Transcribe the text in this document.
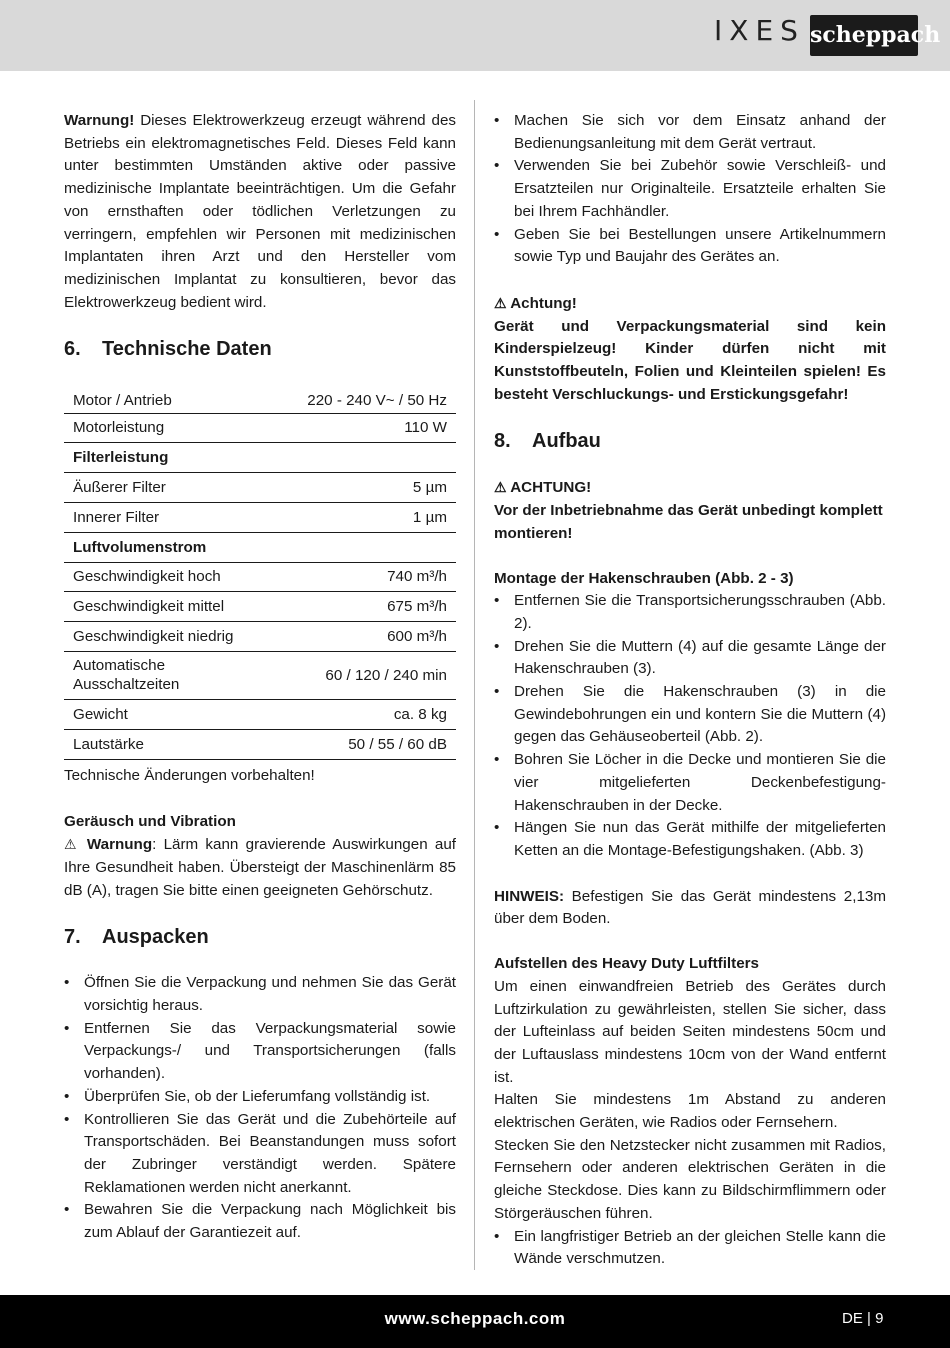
IXES scheppach

Warnung! Dieses Elektrowerkzeug erzeugt während des Betriebs ein elektromagnetisches Feld. Dieses Feld kann unter bestimmten Umständen aktive oder passive medizinische Implantate beeinträchtigen. Um die Gefahr von ernsthaften oder tödlichen Verletzungen zu verringern, empfehlen wir Personen mit medizinischen Implantaten ihren Arzt und den Hersteller vom medizinischen Implantat zu konsultieren, bevor das Elektrowerkzeug bedient wird.

6. Technische Daten
Motor / Antrieb	220 - 240 V~ / 50 Hz
Motorleistung	110 W
Filterleistung	
Äußerer Filter	5 µm
Innerer Filter	1 µm
Luftvolumenstrom	
Geschwindigkeit hoch	740 m³/h
Geschwindigkeit mittel	675 m³/h
Geschwindigkeit niedrig	600 m³/h
Automatische Ausschaltzeiten	60 / 120 / 240 min
Gewicht	ca. 8 kg
Lautstärke	50 / 55 / 60 dB

Technische Änderungen vorbehalten!

Geräusch und Vibration

⚠ Warnung: Lärm kann gravierende Auswirkungen auf Ihre Gesundheit haben. Übersteigt der Maschinenlärm 85 dB (A), tragen Sie bitte einen geeigneten Gehörschutz.

7. Auspacken
• Öffnen Sie die Verpackung und nehmen Sie das Gerät vorsichtig heraus.
• Entfernen Sie das Verpackungsmaterial sowie Verpackungs-/ und Transportsicherungen (falls vorhanden).
• Überprüfen Sie, ob der Lieferumfang vollständig ist.
• Kontrollieren Sie das Gerät und die Zubehörteile auf Transportschäden. Bei Beanstandungen muss sofort der Zubringer verständigt werden. Spätere Reklamationen werden nicht anerkannt.
• Bewahren Sie die Verpackung nach Möglichkeit bis zum Ablauf der Garantiezeit auf.
• Machen Sie sich vor dem Einsatz anhand der Bedienungsanleitung mit dem Gerät vertraut.
• Verwenden Sie bei Zubehör sowie Verschleiß- und Ersatzteilen nur Originalteile. Ersatzteile erhalten Sie bei Ihrem Fachhändler.
• Geben Sie bei Bestellungen unsere Artikelnummern sowie Typ und Baujahr des Gerätes an.

⚠ Achtung!

Gerät und Verpackungsmaterial sind kein Kinderspielzeug! Kinder dürfen nicht mit Kunststoffbeuteln, Folien und Kleinteilen spielen! Es besteht Verschluckungs- und Erstickungsgefahr!

8. Aufbau

⚠ ACHTUNG!

Vor der Inbetriebnahme das Gerät unbedingt komplett montieren!

Montage der Hakenschrauben (Abb. 2 - 3)

• Entfernen Sie die Transportsicherungsschrauben (Abb. 2).
• Drehen Sie die Muttern (4) auf die gesamte Länge der Hakenschrauben (3).
• Drehen Sie die Hakenschrauben (3) in die Gewindebohrungen ein und kontern Sie die Muttern (4) gegen das Gehäuseoberteil (Abb. 2).
• Bohren Sie Löcher in die Decke und montieren Sie die vier mitgelieferten Deckenbefestigung-Hakenschrauben in der Decke.
• Hängen Sie nun das Gerät mithilfe der mitgelieferten Ketten an die Montage-Befestigungshaken. (Abb. 3)

HINWEIS: Befestigen Sie das Gerät mindestens 2,13m über dem Boden.

Aufstellen des Heavy Duty Luftfilters

Um einen einwandfreien Betrieb des Gerätes durch Luftzirkulation zu gewährleisten, stellen Sie sicher, dass der Lufteinlass auf beiden Seiten mindestens 50cm und der Luftauslass mindestens 10cm von der Wand entfernt ist.

Halten Sie mindestens 1m Abstand zu anderen elektrischen Geräten, wie Radios oder Fernsehern.

Stecken Sie den Netzstecker nicht zusammen mit Radios, Fernsehern oder anderen elektrischen Geräten in die gleiche Steckdose. Dies kann zu Bildschirmflimmern oder Störgeräuschen führen.

• Ein langfristiger Betrieb an der gleichen Stelle kann die Wände verschmutzen.
www.scheppach.com	DE | 9
